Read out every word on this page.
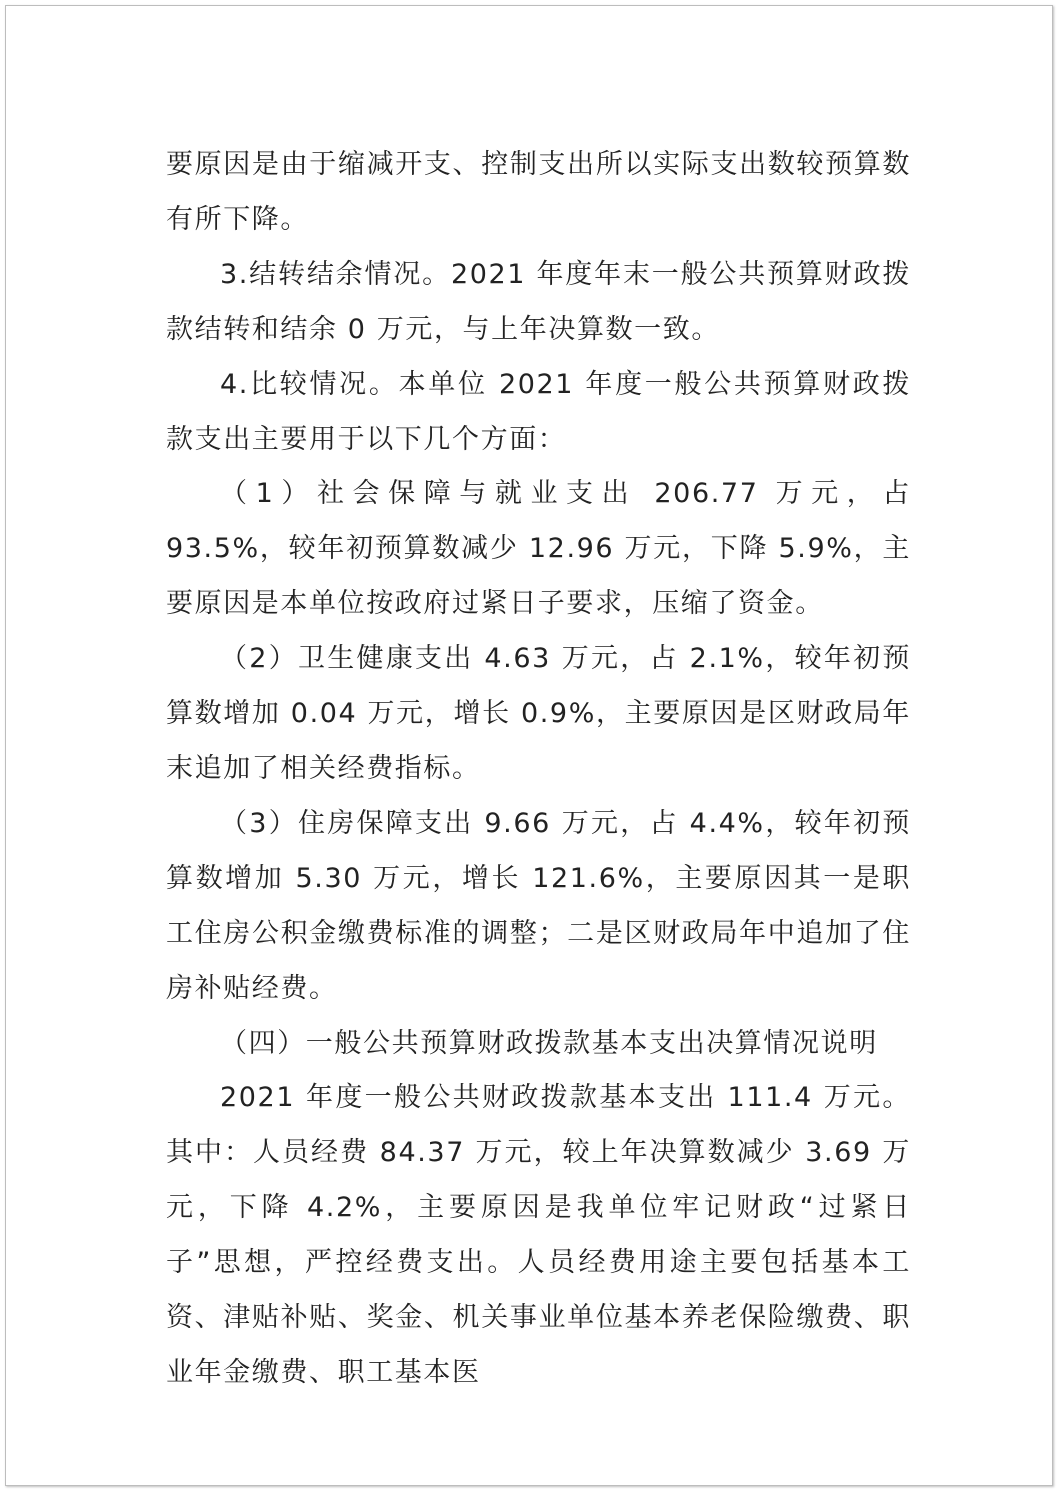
要原因是由于缩减开支、控制支出所以实际支出数较预算数有所下降。

3.结转结余情况。2021 年度年末一般公共预算财政拨款结转和结余 0 万元，与上年决算数一致。

4.比较情况。本单位 2021 年度一般公共预算财政拨款支出主要用于以下几个方面：

（1）社会保障与就业支出 206.77 万元，占 93.5%，较年初预算数减少 12.96 万元，下降 5.9%，主要原因是本单位按政府过紧日子要求，压缩了资金。

（2）卫生健康支出 4.63 万元，占 2.1%，较年初预算数增加 0.04 万元，增长 0.9%，主要原因是区财政局年末追加了相关经费指标。

（3）住房保障支出 9.66 万元，占 4.4%，较年初预算数增加 5.30 万元，增长 121.6%，主要原因其一是职工住房公积金缴费标准的调整；二是区财政局年中追加了住房补贴经费。

（四）一般公共预算财政拨款基本支出决算情况说明

2021 年度一般公共财政拨款基本支出 111.4 万元。其中：人员经费 84.37 万元，较上年决算数减少 3.69 万元，下降 4.2%，主要原因是我单位牢记财政“过紧日子”思想，严控经费支出。人员经费用途主要包括基本工资、津贴补贴、奖金、机关事业单位基本养老保险缴费、职业年金缴费、职工基本医
